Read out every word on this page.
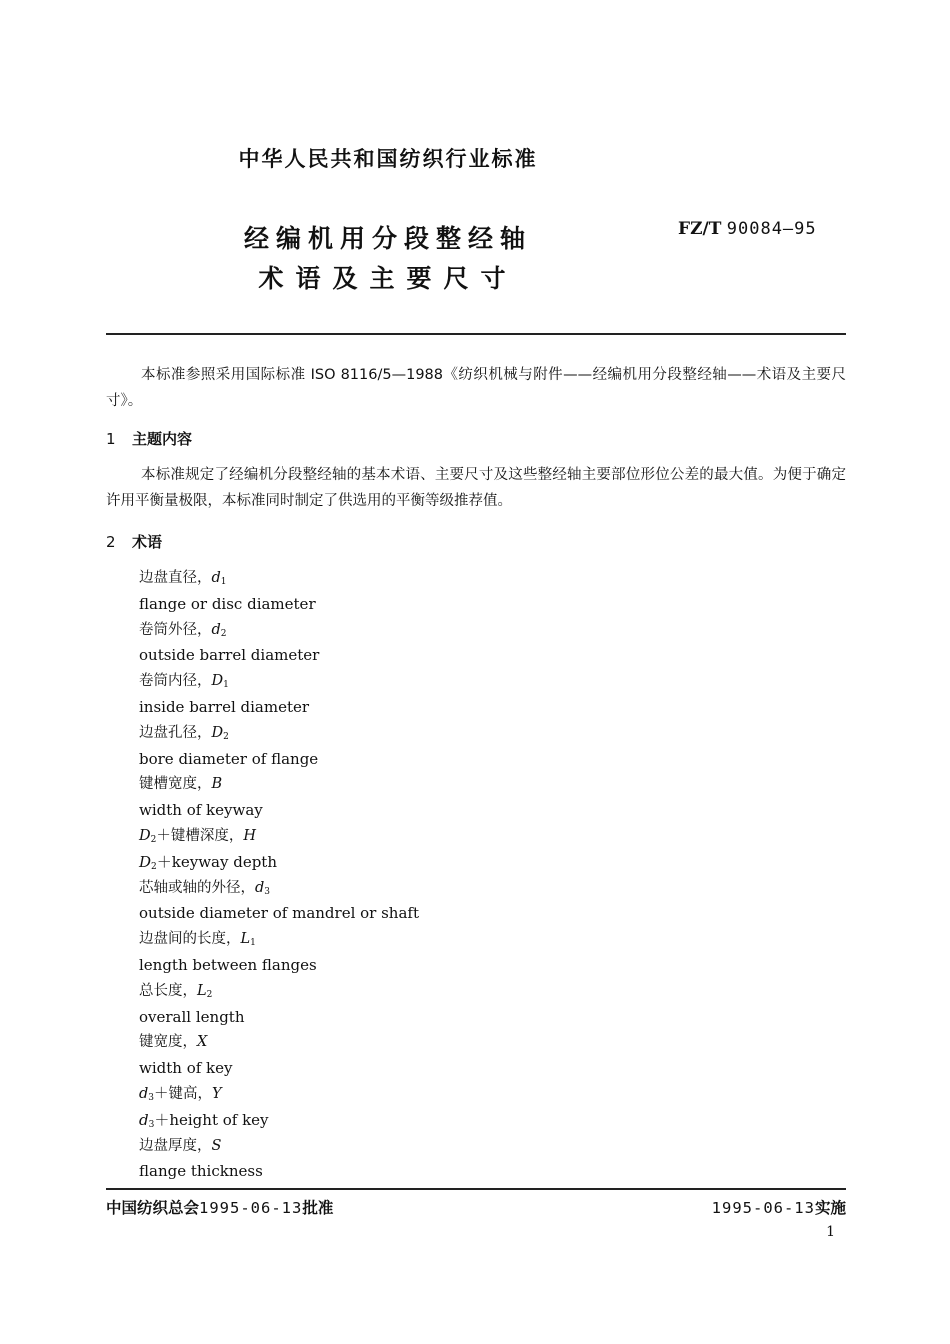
中华人民共和国纺织行业标准
经编机用分段整经轴
术语及主要尺寸
FZ/T 90084—95
本标准参照采用国际标准 ISO 8116/5—1988《纺织机械与附件——经编机用分段整经轴——术语及主要尺寸》。
1 主题内容
本标准规定了经编机分段整经轴的基本术语、主要尺寸及这些整经轴主要部位形位公差的最大值。为便于确定许用平衡量极限，本标准同时制定了供选用的平衡等级推荐值。
2 术语
边盘直径，$d_1$
flange or disc diameter
卷筒外径，$d_2$
outside barrel diameter
卷筒内径，$D_1$
inside barrel diameter
边盘孔径，$D_2$
bore diameter of flange
键槽宽度，B
width of keyway
$D_2+$键槽深度，H
$D_2+keyway$ depth
芯轴或轴的外径，$d_3$
outside diameter of mandrel or shaft
边盘间的长度，$L_1$
length between flanges
总长度，$L_2$
overall length
键宽度，X
width of key
$d_3+$键高，Y
$d_3+height$ of key
边盘厚度，S
flange thickness
中国纺织总会1995-06-13批准	1995-06-13实施
1
